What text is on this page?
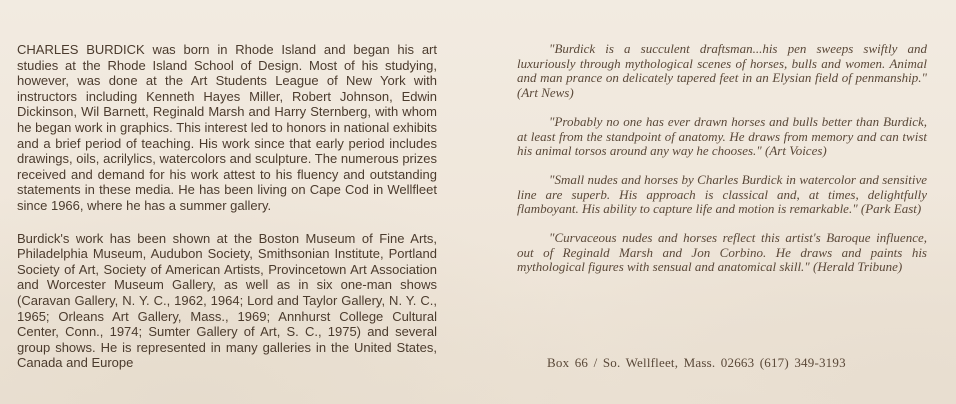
CHARLES BURDICK was born in Rhode Island and began his art studies at the Rhode Island School of Design. Most of his studying, however, was done at the Art Students League of New York with instructors including Kenneth Hayes Miller, Robert Johnson, Edwin Dickinson, Wil Barnett, Reginald Marsh and Harry Sternberg, with whom he began work in graphics. This interest led to honors in national exhibits and a brief period of teaching. His work since that early period includes drawings, oils, acrilylics, watercolors and sculpture. The numerous prizes received and demand for his work attest to his fluency and outstanding statements in these media. He has been living on Cape Cod in Wellfleet since 1966, where he has a summer gallery.

Burdick's work has been shown at the Boston Museum of Fine Arts, Philadelphia Museum, Audubon Society, Smithsonian Institute, Portland Society of Art, Society of American Artists, Provincetown Art Association and Worcester Museum Gallery, as well as in six one-man shows (Caravan Gallery, N. Y. C., 1962, 1964; Lord and Taylor Gallery, N. Y. C., 1965; Orleans Art Gallery, Mass., 1969; Annhurst College Cultural Center, Conn., 1974; Sumter Gallery of Art, S. C., 1975) and several group shows. He is represented in many galleries in the United States, Canada and Europe

"Burdick is a succulent draftsman...his pen sweeps swiftly and luxuriously through mythological scenes of horses, bulls and women. Animal and man prance on delicately tapered feet in an Elysian field of penmanship." (Art News)

"Probably no one has ever drawn horses and bulls better than Burdick, at least from the standpoint of anatomy. He draws from memory and can twist his animal torsos around any way he chooses." (Art Voices)

"Small nudes and horses by Charles Burdick in watercolor and sensitive line are superb. His approach is classical and, at times, delightfully flamboyant. His ability to capture life and motion is remarkable." (Park East)

"Curvaceous nudes and horses reflect this artist's Baroque influence, out of Reginald Marsh and Jon Corbino. He draws and paints his mythological figures with sensual and anatomical skill." (Herald Tribune)

Box 66 / So. Wellfleet, Mass. 02663 (617) 349-3193
